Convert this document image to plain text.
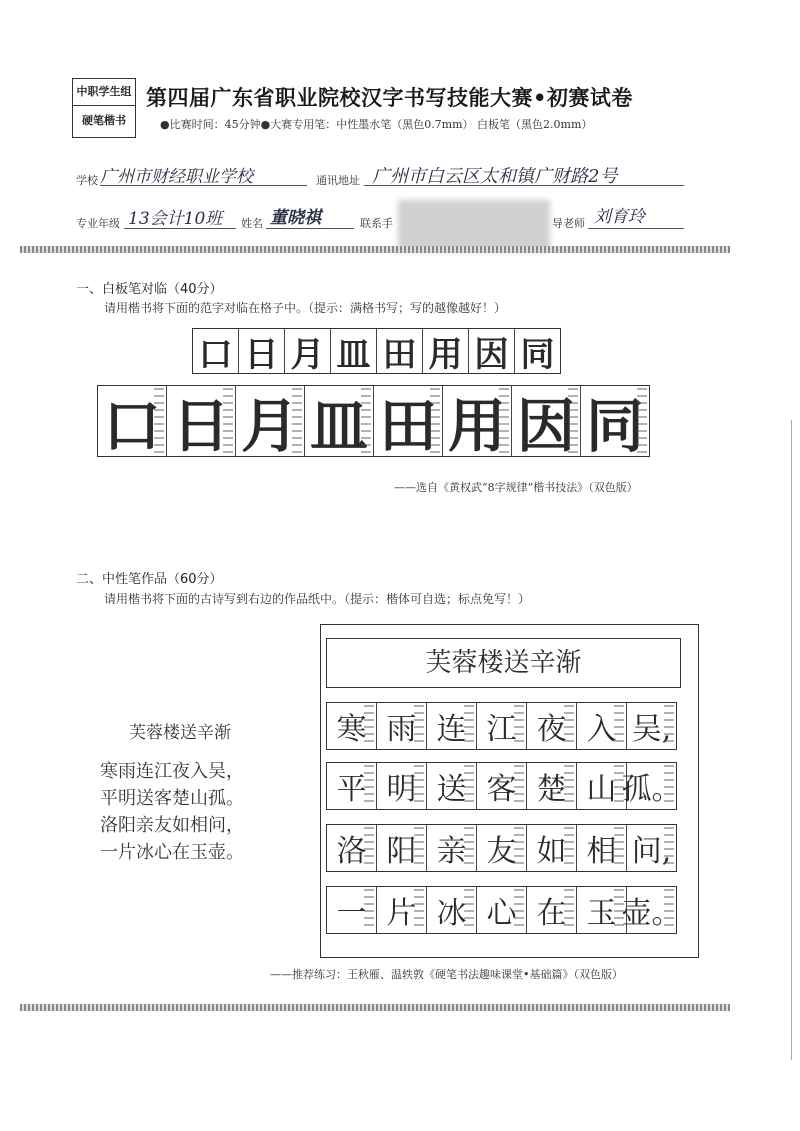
中职学生组
硬笔楷书
第四届广东省职业院校汉字书写技能大赛•初赛试卷
●比赛时间：45分钟●大赛专用笔：中性墨水笔（黑色0.7mm） 白板笔（黑色2.0mm）
学校 广州市财经职业学校	通讯地址 广州市白云区太和镇广财路2号
专业年级 13会计10班 姓名 董晓祺	联系手	导老师 刘育玲
一、白板笔对临（40分）
请用楷书将下面的范字对临在格子中。（提示：满格书写；写的越像越好！）
口 日 月 皿 田 用 因 同
口 日 月 皿 田 用 因 同
——选自《黄权武“8字规律”楷书技法》（双色版）
二、中性笔作品（60分）
请用楷书将下面的古诗写到右边的作品纸中。（提示：楷体可自选；标点免写！）
芙蓉楼送辛渐
寒雨连江夜入吴，
平明送客楚山孤。
洛阳亲友如相问，
一片冰心在玉壶。
芙蓉楼送辛渐
寒 雨 连 江 夜 入 吴,
平 明 送 客 楚 山 孤。
洛 阳 亲 友 如 相 问,
一 片 冰 心 在 玉 壶。
——推荐练习：王秋雁、温轶敦《硬笔书法趣味课堂•基础篇》（双色版）
